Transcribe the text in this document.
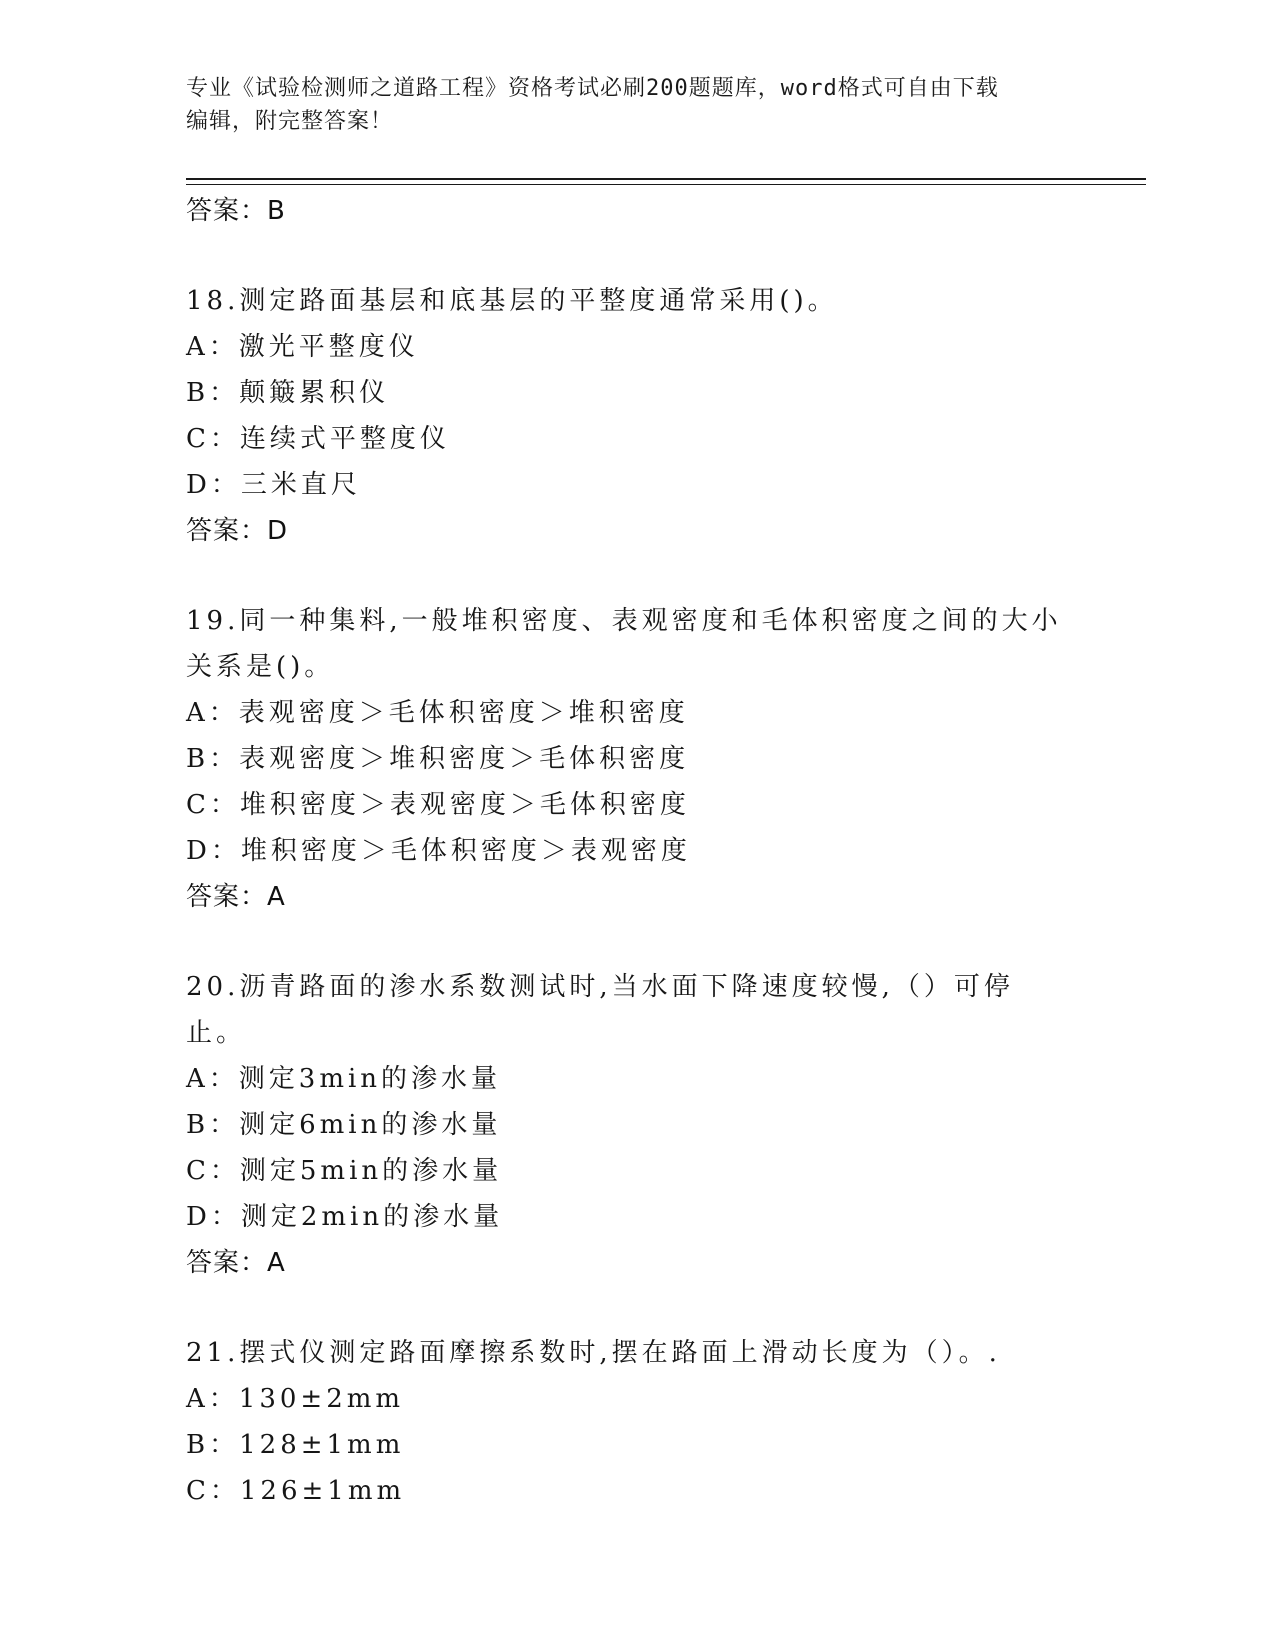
专业《试验检测师之道路工程》资格考试必刷200题题库，word格式可自由下载
编辑，附完整答案！
答案：B
18.测定路面基层和底基层的平整度通常采用()。
A：激光平整度仪
B：颠簸累积仪
C：连续式平整度仪
D：三米直尺
答案：D
19.同一种集料,一般堆积密度、表观密度和毛体积密度之间的大小关系是()。
A：表观密度＞毛体积密度＞堆积密度
B：表观密度＞堆积密度＞毛体积密度
C：堆积密度＞表观密度＞毛体积密度
D：堆积密度＞毛体积密度＞表观密度
答案：A
20.沥青路面的渗水系数测试时,当水面下降速度较慢,（）可停止。
A：测定3min的渗水量
B：测定6min的渗水量
C：测定5min的渗水量
D：测定2min的渗水量
答案：A
21.摆式仪测定路面摩擦系数时,摆在路面上滑动长度为（）。.
A：130±2mm
B：128±1mm
C：126±1mm
